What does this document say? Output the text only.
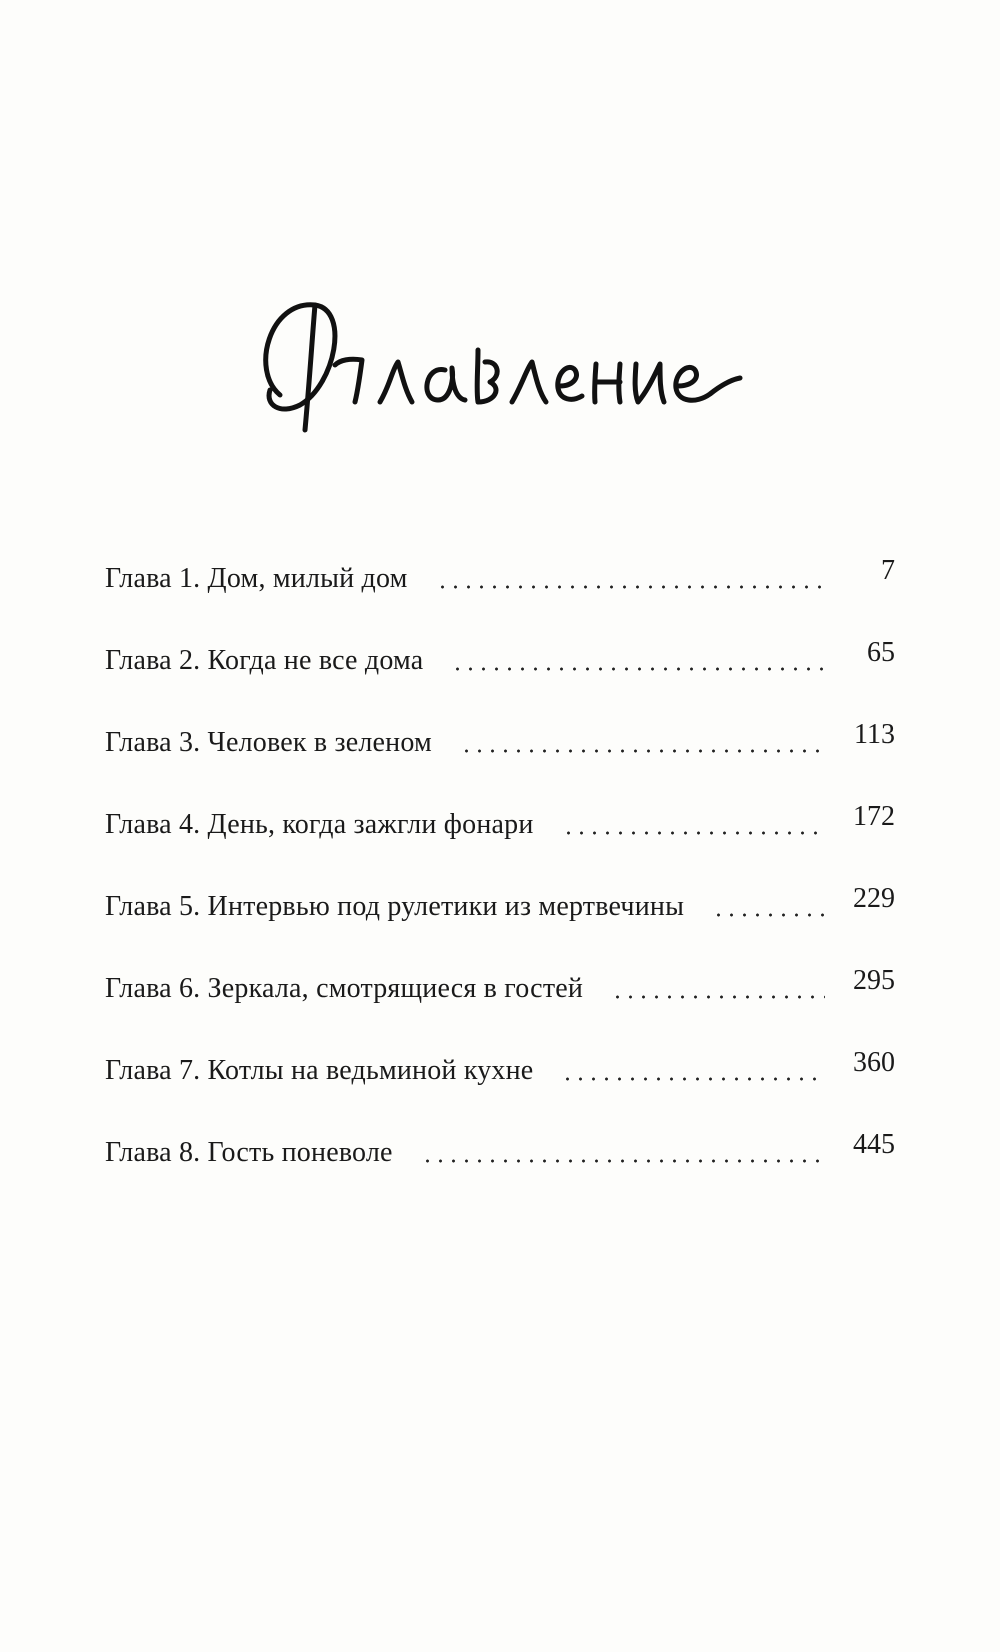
Глава 1. Дом, милый дом	7
Глава 2. Когда не все дома	65
Глава 3. Человек в зеленом	113
Глава 4. День, когда зажгли фонари	172
Глава 5. Интервью под рулетики из мертвечины	229
Глава 6. Зеркала, смотрящиеся в гостей	295
Глава 7. Котлы на ведьминой кухне	360
Глава 8. Гость поневоле	445
